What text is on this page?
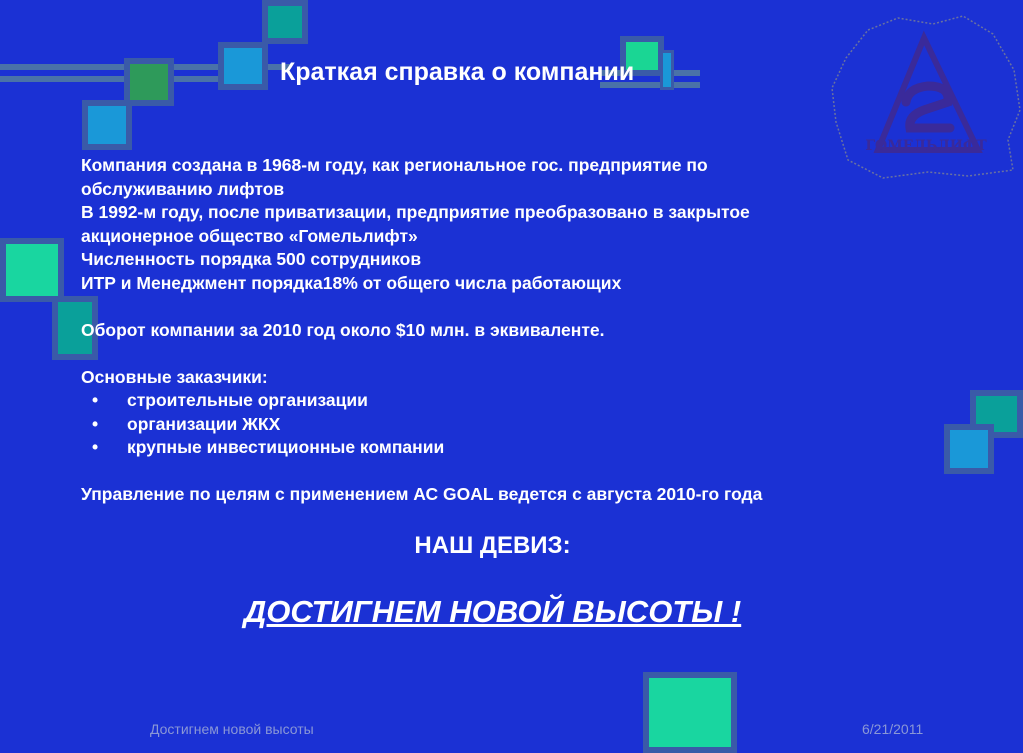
ГОМЕЛЬЛИФТ
Краткая справка о компании
Компания создана в 1968-м году, как региональное гос. предприятие по
обслуживанию лифтов
В 1992-м году, после приватизации, предприятие преобразовано в закрытое
акционерное общество «Гомельлифт»
Численность порядка 500 сотрудников
ИТР и Менеджмент порядка18% от общего числа работающих
Оборот компании за 2010 год около $10 млн. в эквиваленте.
Основные заказчики:
• строительные организации
• организации ЖКХ
• крупные инвестиционные компании
Управление по целям с применением АС GOAL ведется с августа 2010-го года
НАШ ДЕВИЗ:
ДОСТИГНЕМ НОВОЙ ВЫСОТЫ !
Достигнем новой высоты	6/21/2011
